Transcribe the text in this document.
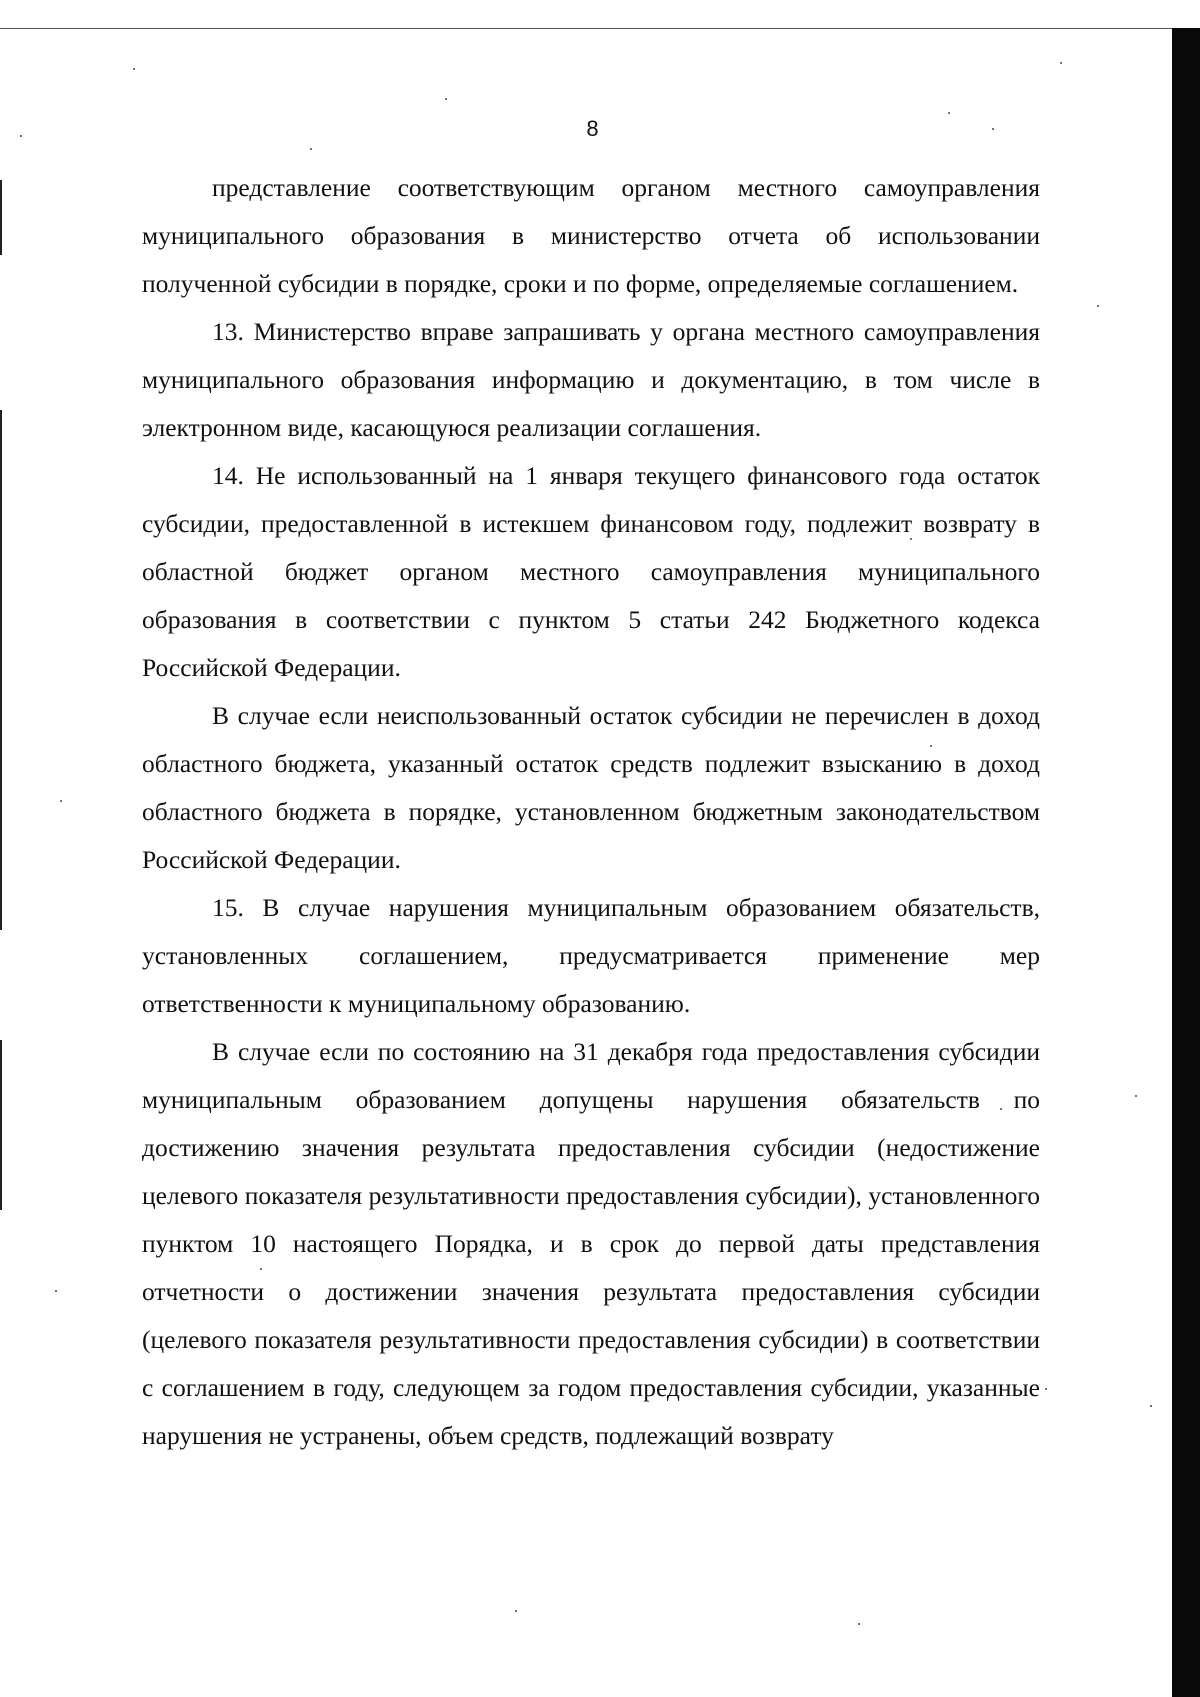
8

представление соответствующим органом местного самоуправления муниципального образования в министерство отчета об использовании полученной субсидии в порядке, сроки и по форме, определяемые соглашением.

13. Министерство вправе запрашивать у органа местного самоуправления муниципального образования информацию и документацию, в том числе в электронном виде, касающуюся реализации соглашения.

14. Не использованный на 1 января текущего финансового года остаток субсидии, предоставленной в истекшем финансовом году, подлежит возврату в областной бюджет органом местного самоуправления муниципального образования в соответствии с пунктом 5 статьи 242 Бюджетного кодекса Российской Федерации.

В случае если неиспользованный остаток субсидии не перечислен в доход областного бюджета, указанный остаток средств подлежит взысканию в доход областного бюджета в порядке, установленном бюджетным законодательством Российской Федерации.

15. В случае нарушения муниципальным образованием обязательств, установленных соглашением, предусматривается применение мер ответственности к муниципальному образованию.

В случае если по состоянию на 31 декабря года предоставления субсидии муниципальным образованием допущены нарушения обязательств по достижению значения результата предоставления субсидии (недостижение целевого показателя результативности предоставления субсидии), установленного пунктом 10 настоящего Порядка, и в срок до первой даты представления отчетности о достижении значения результата предоставления субсидии (целевого показателя результативности предоставления субсидии) в соответствии с соглашением в году, следующем за годом предоставления субсидии, указанные нарушения не устранены, объем средств, подлежащий возврату
